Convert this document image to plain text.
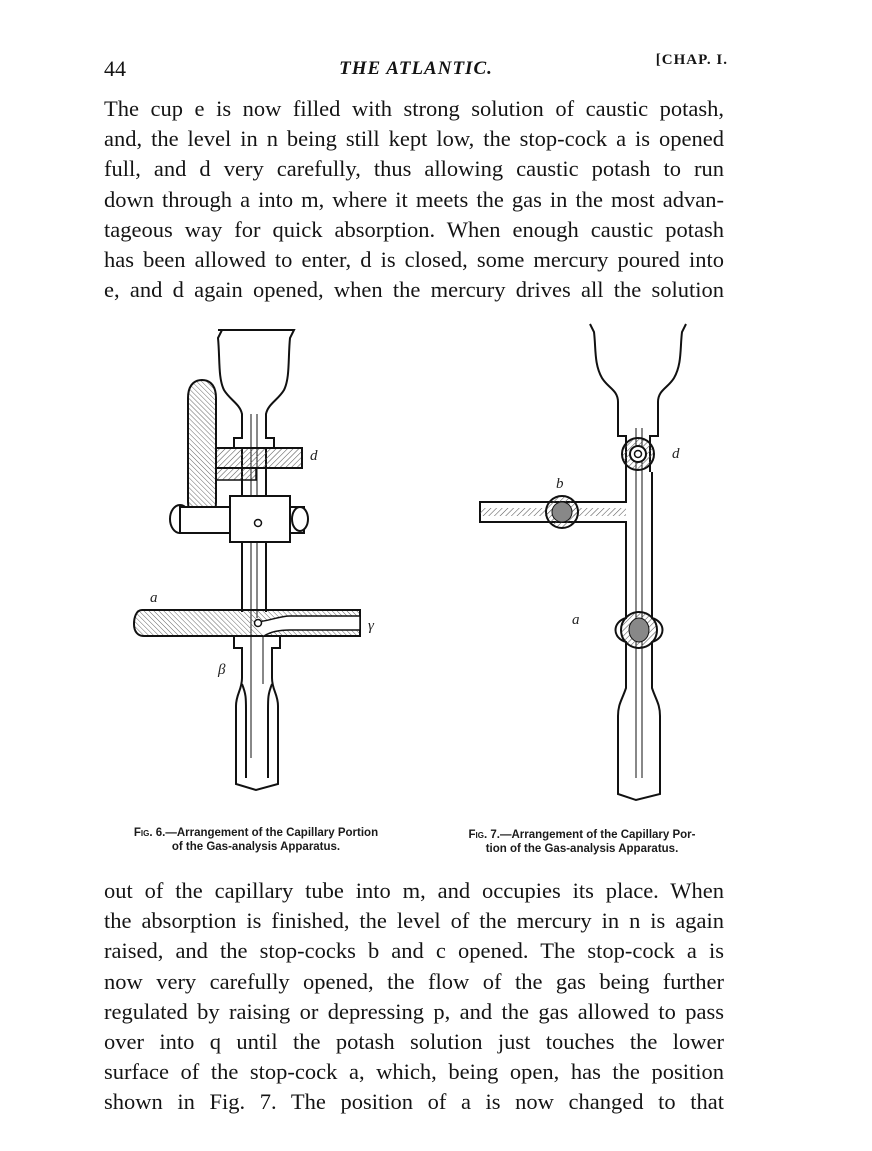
44	THE ATLANTIC.	[CHAP. I.
The cup e is now filled with strong solution of caustic potash,
and, the level in n being still kept low, the stop-cock a is opened
full, and d very carefully, thus allowing caustic potash to run
down through a into m, where it meets the gas in the most advan-
tageous way for quick absorption. When enough caustic potash
has been allowed to enter, d is closed, some mercury poured into
e, and d again opened, when the mercury drives all the solution
d
a
β
γ
d
b
a
Fig. 6.—Arrangement of the Capillary Portion
of the Gas-analysis Apparatus.
Fig. 7.—Arrangement of the Capillary Por-
tion of the Gas-analysis Apparatus.
out of the capillary tube into m, and occupies its place. When
the absorption is finished, the level of the mercury in n is again
raised, and the stop-cocks b and c opened. The stop-cock a is
now very carefully opened, the flow of the gas being further
regulated by raising or depressing p, and the gas allowed to pass
over into q until the potash solution just touches the lower
surface of the stop-cock a, which, being open, has the position
shown in Fig. 7. The position of a is now changed to that
